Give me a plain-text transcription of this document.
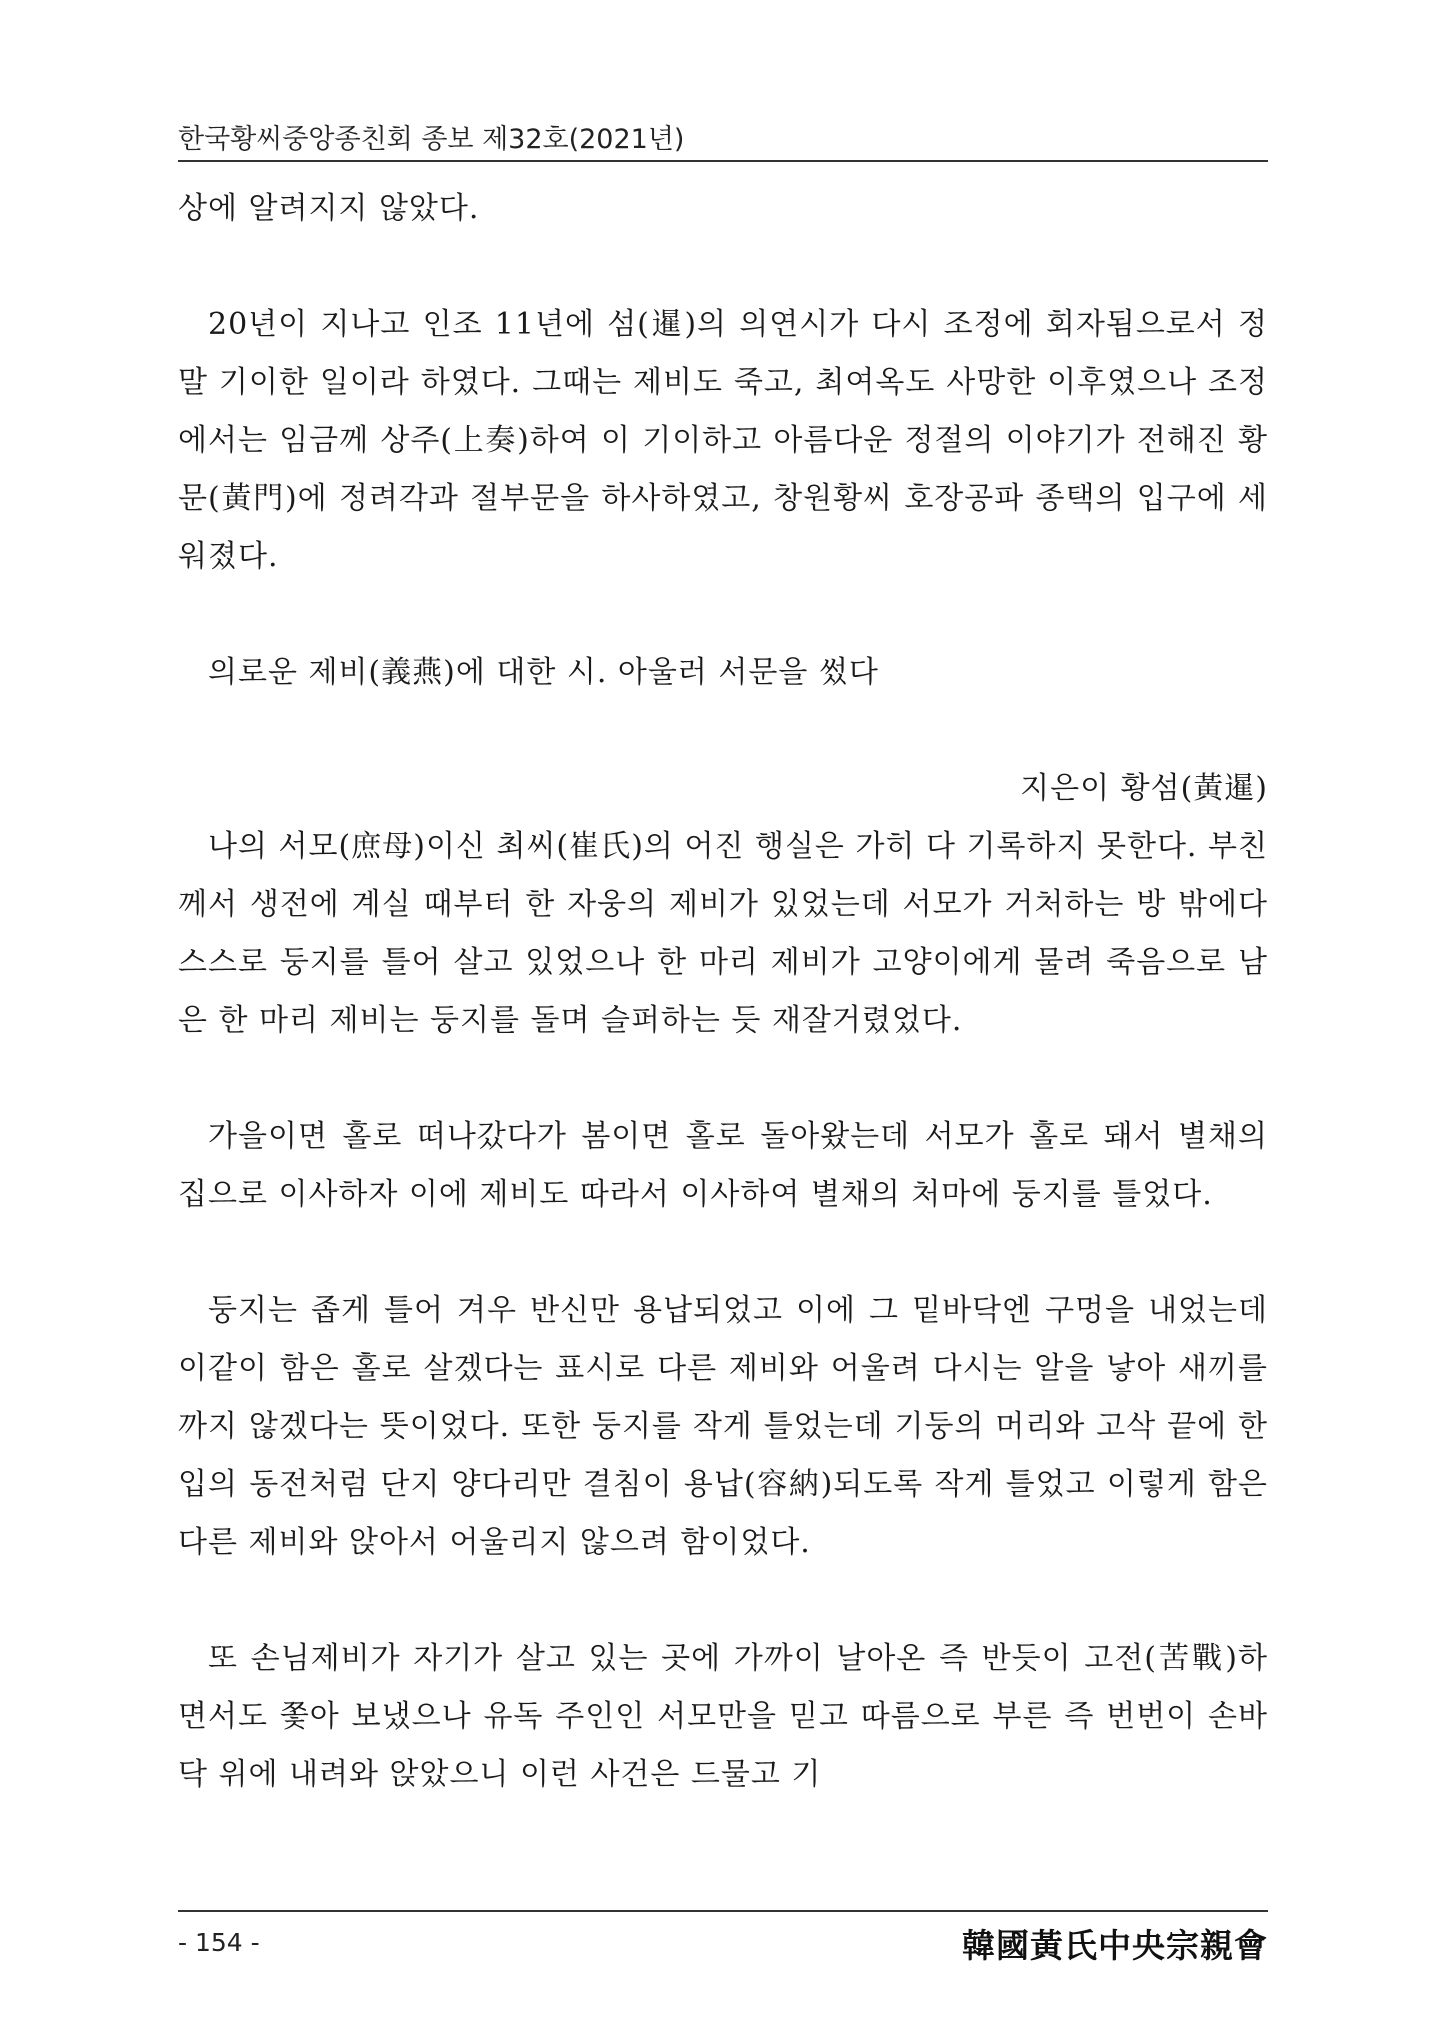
한국황씨중앙종친회 종보 제32호(2021년)

상에 알려지지 않았다.

20년이 지나고 인조 11년에 섬(暹)의 의연시가 다시 조정에 회자됨으로서 정말 기이한 일이라 하였다. 그때는 제비도 죽고, 최여옥도 사망한 이후였으나 조정에서는 임금께 상주(上奏)하여 이 기이하고 아름다운 정절의 이야기가 전해진 황문(黃門)에 정려각과 절부문을 하사하였고, 창원황씨 호장공파 종택의 입구에 세워졌다.

의로운 제비(義燕)에 대한 시. 아울러 서문을 썼다

지은이 황섬(黃暹)

나의 서모(庶母)이신 최씨(崔氏)의 어진 행실은 가히 다 기록하지 못한다. 부친께서 생전에 계실 때부터 한 자웅의 제비가 있었는데 서모가 거처하는 방 밖에다 스스로 둥지를 틀어 살고 있었으나 한 마리 제비가 고양이에게 물려 죽음으로 남은 한 마리 제비는 둥지를 돌며 슬퍼하는 듯 재잘거렸었다.

가을이면 홀로 떠나갔다가 봄이면 홀로 돌아왔는데 서모가 홀로 돼서 별채의 집으로 이사하자 이에 제비도 따라서 이사하여 별채의 처마에 둥지를 틀었다.

둥지는 좁게 틀어 겨우 반신만 용납되었고 이에 그 밑바닥엔 구멍을 내었는데 이같이 함은 홀로 살겠다는 표시로 다른 제비와 어울려 다시는 알을 낳아 새끼를 까지 않겠다는 뜻이었다. 또한 둥지를 작게 틀었는데 기둥의 머리와 고삭 끝에 한입의 동전처럼 단지 양다리만 결침이 용납(容納)되도록 작게 틀었고 이렇게 함은 다른 제비와 앉아서 어울리지 않으려 함이었다.

또 손님제비가 자기가 살고 있는 곳에 가까이 날아온 즉 반듯이 고전(苦戰)하면서도 쫓아 보냈으나 유독 주인인 서모만을 믿고 따름으로 부른 즉 번번이 손바닥 위에 내려와 앉았으니 이런 사건은 드물고 기

- 154 -	韓國黃氏中央宗親會
